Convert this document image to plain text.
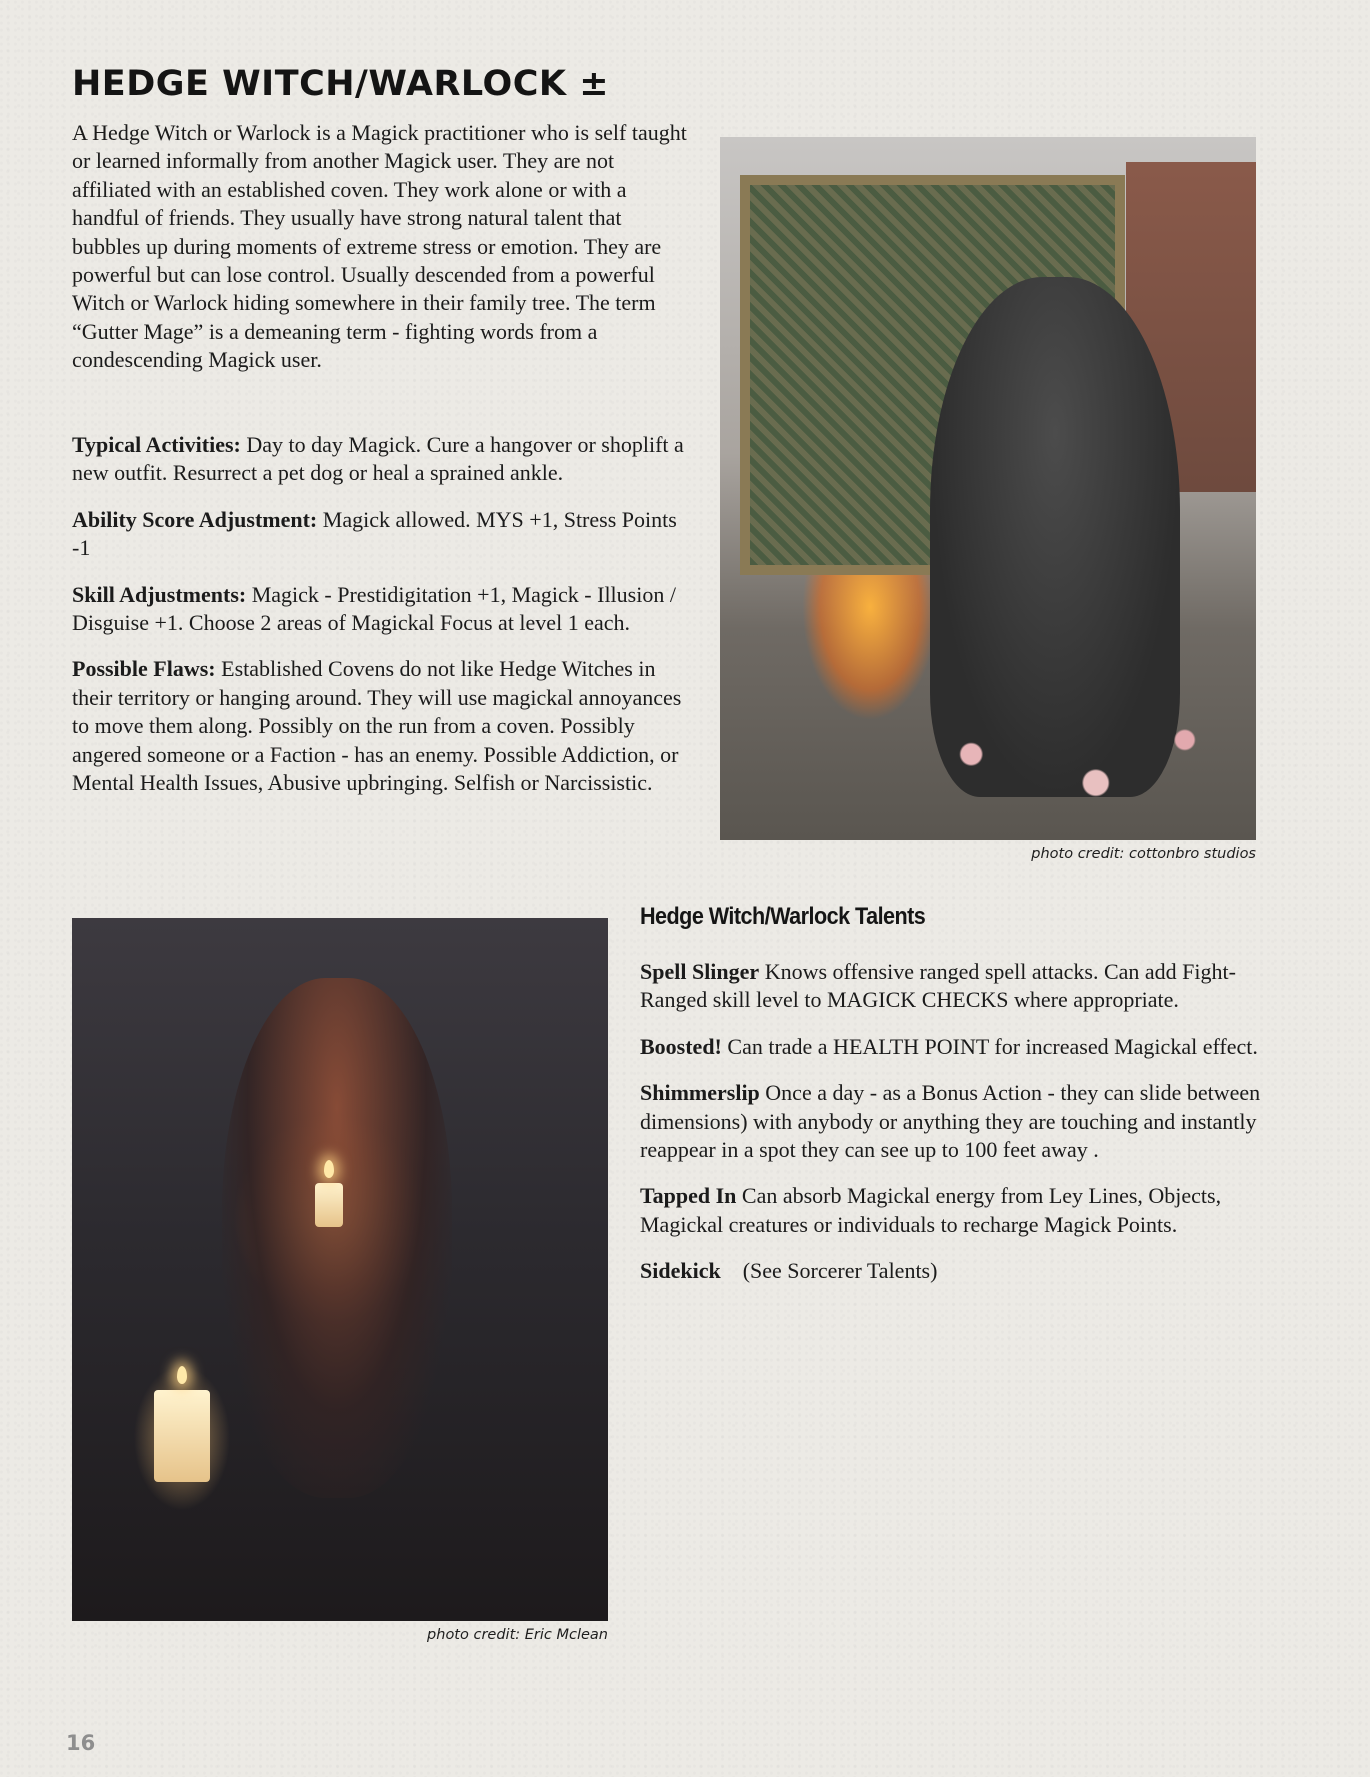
HEDGE WITCH/WARLOCK ±

A Hedge Witch or Warlock is a Magick practitioner who is self taught or learned informally from another Magick user. They are not affiliated with an established coven. They work alone or with a handful of friends. They usually have strong natural talent that bubbles up during moments of extreme stress or emotion. They are powerful but can lose control. Usually descended from a powerful Witch or Warlock hiding somewhere in their family tree. The term “Gutter Mage” is a demeaning term - fighting words from a condescending Magick user.

Typical Activities: Day to day Magick. Cure a hangover or shoplift a new outfit. Resurrect a pet dog or heal a sprained ankle.

Ability Score Adjustment: Magick allowed. MYS +1, Stress Points -1

Skill Adjustments: Magick - Prestidigitation +1, Magick - Illusion / Disguise +1. Choose 2 areas of Magickal Focus at level 1 each.

Possible Flaws: Established Covens do not like Hedge Witches in their territory or hanging around. They will use magickal annoyances to move them along. Possibly on the run from a coven. Possibly angered someone or a Faction - has an enemy. Possible Addiction, or Mental Health Issues, Abusive upbringing. Selfish or Narcissistic.

photo credit: cottonbro studios

photo credit: Eric Mclean

Hedge Witch/Warlock Talents

Spell Slinger Knows offensive ranged spell attacks. Can add Fight-Ranged skill level to MAGICK CHECKS where appropriate.

Boosted! Can trade a HEALTH POINT for increased Magickal effect.

Shimmerslip Once a day - as a Bonus Action - they can slide between dimensions) with anybody or anything they are touching and instantly reappear in a spot they can see up to 100 feet away .

Tapped In Can absorb Magickal energy from Ley Lines, Objects, Magickal creatures or individuals to recharge Magick Points.

Sidekick    (See Sorcerer Talents)

16
